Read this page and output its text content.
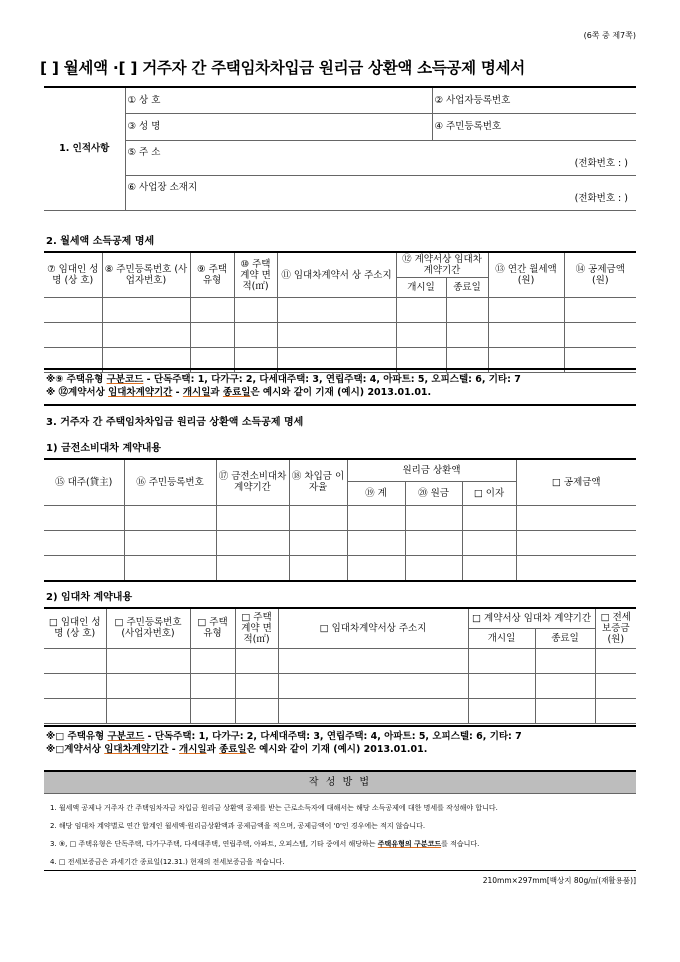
(6쪽 중 제7쪽)
[ ] 월세액 ·[ ] 거주자 간 주택임차차입금 원리금 상환액 소득공제 명세서
1. 인적사항	① 상 호	② 사업자등록번호
	③ 성 명	④ 주민등록번호
	⑤ 주 소
(전화번호 : )	

	⑥ 사업장 소재지
(전화번호 : )	
2. 월세액 소득공제 명세
⑦ 임대인 성 명 (상 호)	⑧ 주민등록번호 (사업자번호)	⑨ 주택 유형	⑩ 주택 계약 면적(㎡)	⑪ 임대차계약서 상 주소지	⑫ 계약서상 임대차 계약기간		⑬ 연간 월세액(원)	⑭ 공제금액 (원)
					개시일	종료일		

※⑨ 주택유형 구분코드 - 단독주택: 1, 다가구: 2, 다세대주택: 3, 연립주택: 4, 아파트: 5, 오피스텔: 6, 기타: 7
※ ⑫계약서상 임대차계약기간 - 개시일과 종료일은 예시와 같이 기재 (예시) 2013.01.01.
3. 거주자 간 주택임차차입금 원리금 상환액 소득공제 명세
1) 금전소비대차 계약내용
⑮ 대주(貸主)	⑯ 주민등록번호	⑰ 금전소비대차 계약기간	⑱ 차입금 이자율	원리금 상환액			□ 공제금액
				⑲ 계	⑳ 원금	□ 이자	

2) 임대차 계약내용
□ 임대인 성 명 (상 호)	□ 주민등록번호 (사업자번호)	□ 주택 유형	□ 주택 계약 면적(㎡)	□ 임대차계약서상 주소지	□ 계약서상 임대차 계약기간		□ 전세보증금 (원)
					개시일	종료일	

※□ 주택유형 구분코드 - 단독주택: 1, 다가구: 2, 다세대주택: 3, 연립주택: 4, 아파트: 5, 오피스텔: 6, 기타: 7
※□계약서상 임대차계약기간 - 개시일과 종료일은 예시와 같이 기재 (예시) 2013.01.01.
작 성 방 법
1. 월세액 공제나 거주자 간 주택임차자금 차입금 원리금 상환액 공제를 받는 근로소득자에 대해서는 해당 소득공제에 대한 명세를 작성해야 합니다.
2. 해당 임대차 계약별로 연간 합계인 월세액·원리금상환액과 공제금액을 적으며, 공제금액이 '0'인 경우에는 적지 않습니다.
3. ⑨, □ 주택유형은 단독주택, 다가구주택, 다세대주택, 연립주택, 아파트, 오피스텔, 기타 중에서 해당하는 주택유형의 구분코드를 적습니다.
4. □ 전세보증금은 과세기간 종료일(12.31.) 현재의 전세보증금을 적습니다.
210mm×297mm[백상지 80g/㎡(재활용품)]
